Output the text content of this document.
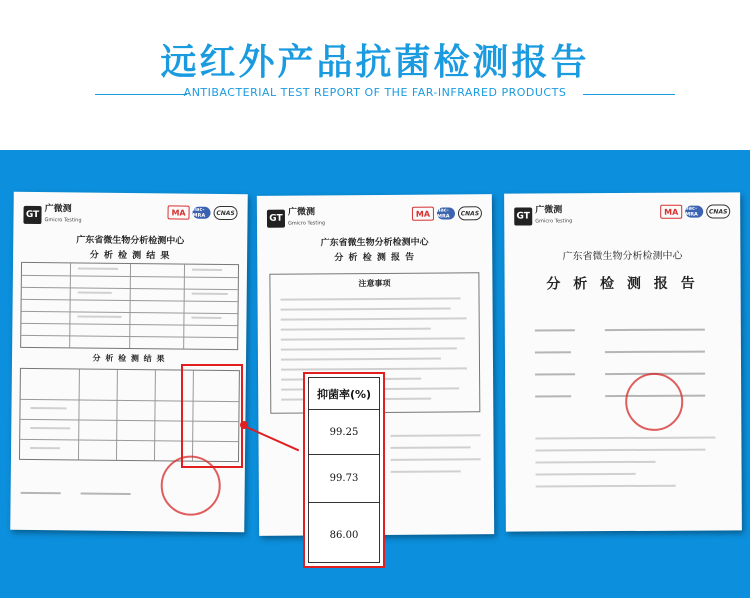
远红外产品抗菌检测报告
ANTIBACTERIAL TEST REPORT OF THE FAR-INFRARED PRODUCTS
GT
广微测
Gmicro Testing
MA	ilac-MRA	CNAS
广东省微生物分析检测中心
分 析 检 测 结 果
分 析 检 测 结 果
GT
广微测
Gmicro Testing
MA	ilac-MRA	CNAS
广东省微生物分析检测中心
分 析 检 测 报 告
注意事项
GT
广微测
Gmicro Testing
MA	ilac-MRA	CNAS
广东省微生物分析检测中心
分 析 检 测 报 告
抑菌率(%)
99.25
99.73
86.00
